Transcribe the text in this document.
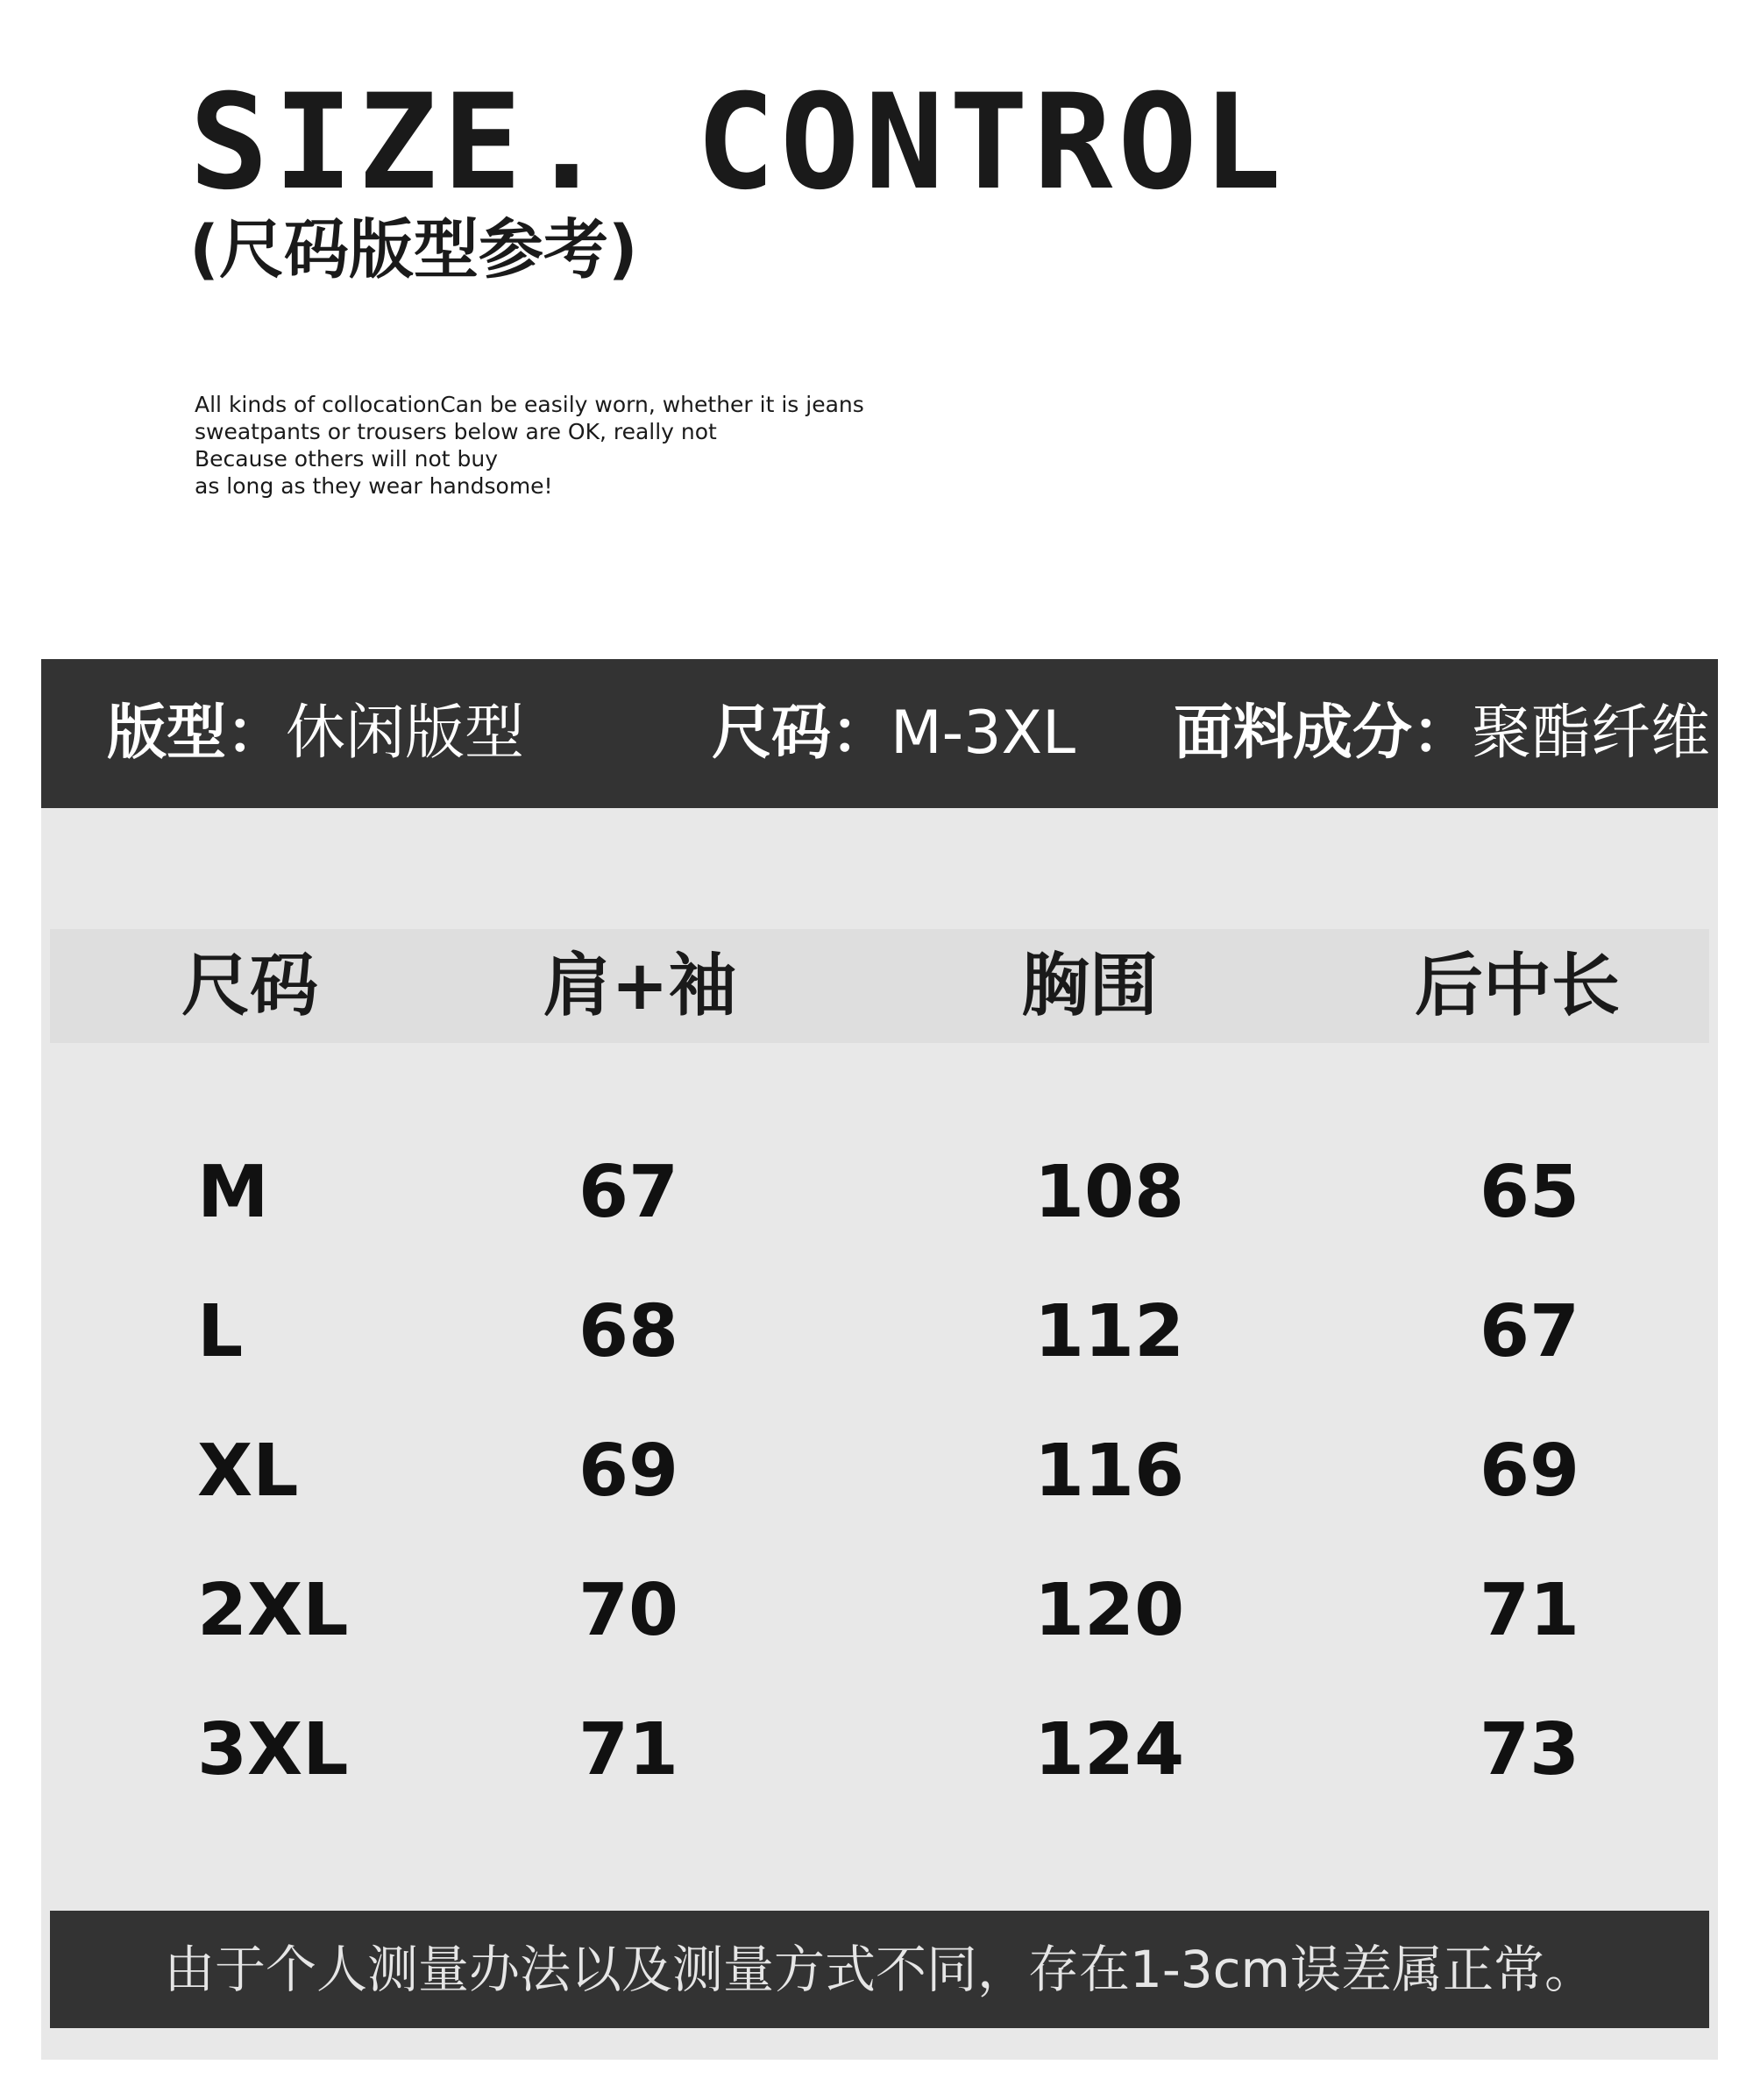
SIZE. CONTROL
(尺码版型参考)
All kinds of collocationCan be easily worn, whether it is jeans
sweatpants or trousers below are OK, really not
Because others will not buy
as long as they wear handsome!
版型：休闲版型	尺码：M-3XL 面料成分：聚酯纤维
尺码	肩+袖	胸围	后中长
M	67	108	65
L	68	112	67
XL	69	116	69
2XL	70	120	71
3XL	71	124	73
由于个人测量办法以及测量方式不同，存在1-3cm误差属正常。
